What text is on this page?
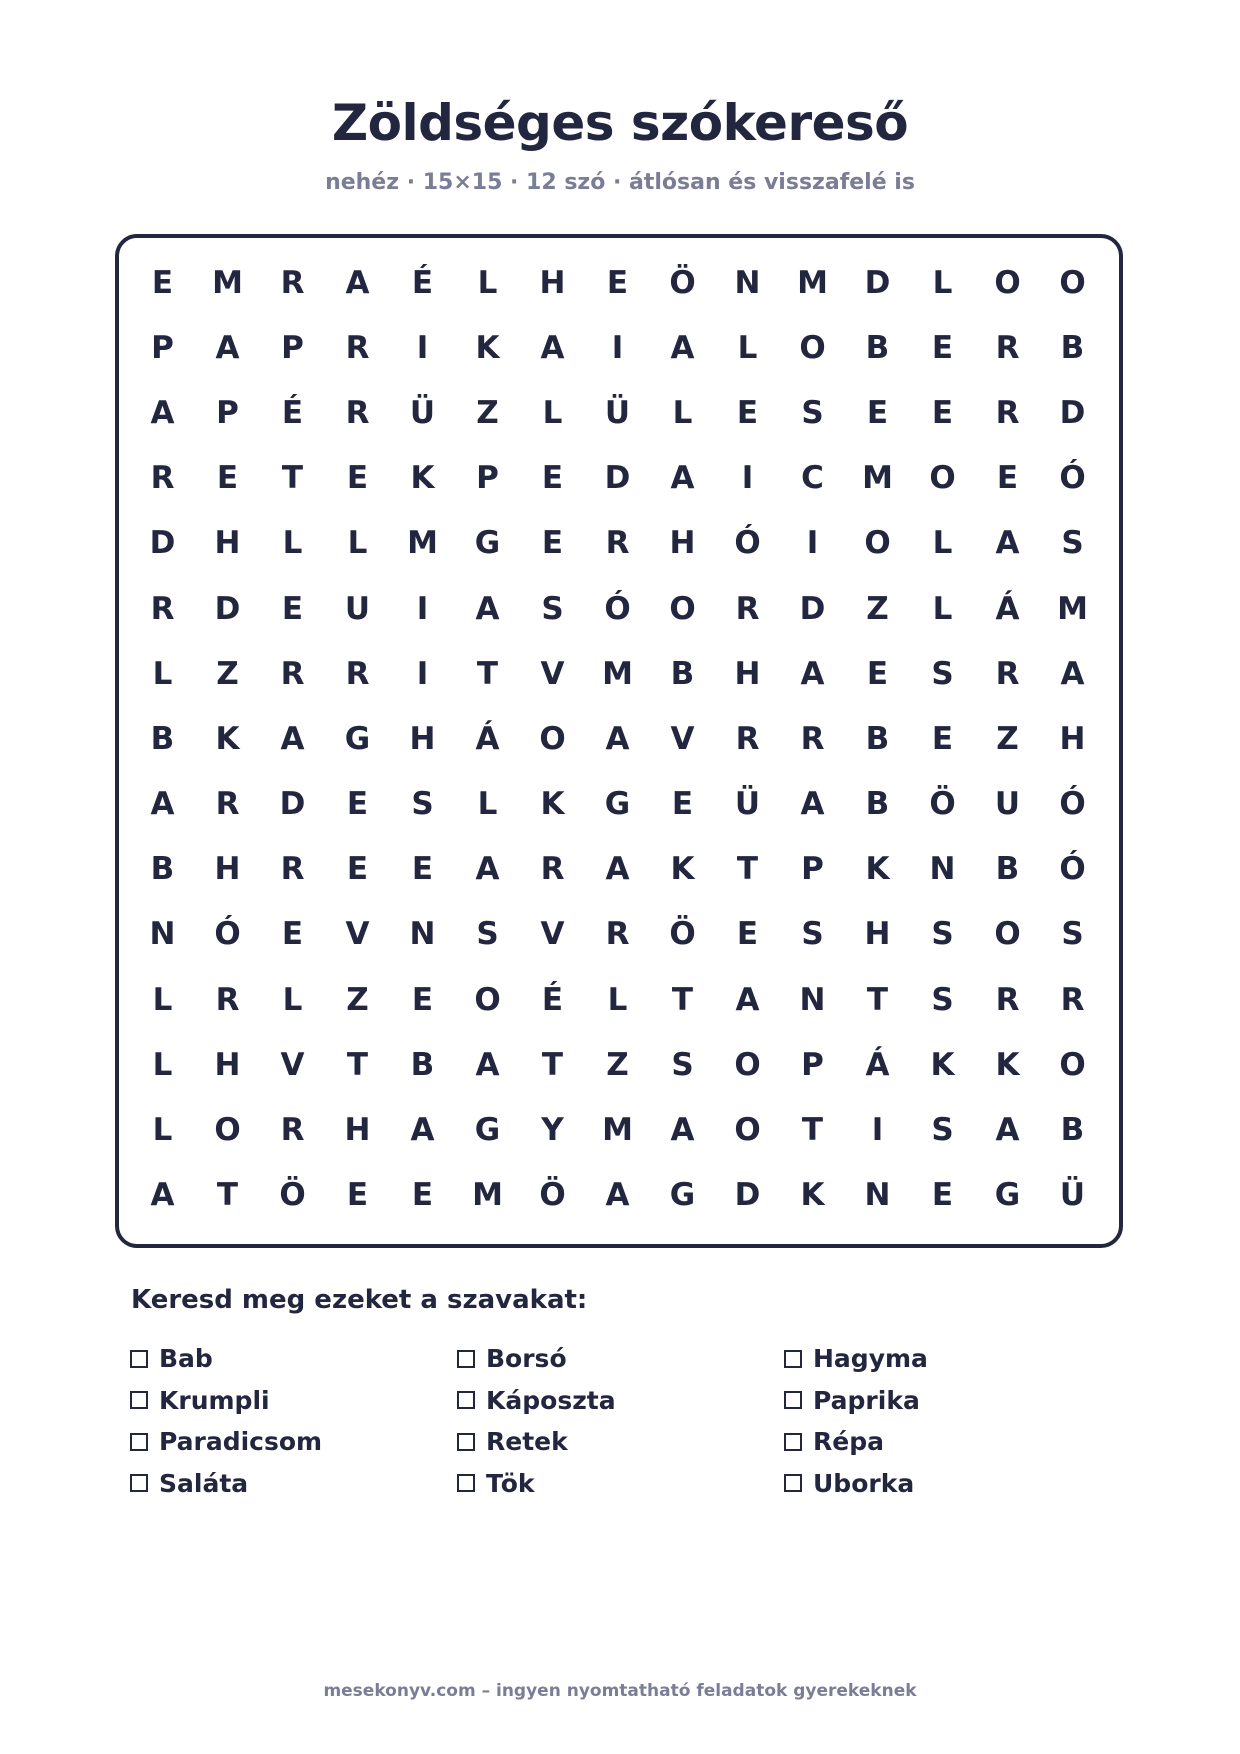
Zöldséges szókereső

nehéz · 15×15 · 12 szó · átlósan és visszafelé is

E	M	R	A	É	L	H	E	Ö	N	M	D	L	O	O
P	A	P	R	I	K	A	I	A	L	O	B	E	R	B
A	P	É	R	Ü	Z	L	Ü	L	E	S	E	E	R	D
R	E	T	E	K	P	E	D	A	I	C	M	O	E	Ó
D	H	L	L	M	G	E	R	H	Ó	I	O	L	A	S
R	D	E	U	I	A	S	Ó	O	R	D	Z	L	Á	M
L	Z	R	R	I	T	V	M	B	H	A	E	S	R	A
B	K	A	G	H	Á	O	A	V	R	R	B	E	Z	H
A	R	D	E	S	L	K	G	E	Ü	A	B	Ö	U	Ó
B	H	R	E	E	A	R	A	K	T	P	K	N	B	Ó
N	Ó	E	V	N	S	V	R	Ö	E	S	H	S	O	S
L	R	L	Z	E	O	É	L	T	A	N	T	S	R	R
L	H	V	T	B	A	T	Z	S	O	P	Á	K	K	O
L	O	R	H	A	G	Y	M	A	O	T	I	S	A	B
A	T	Ö	E	E	M	Ö	A	G	D	K	N	E	G	Ü
Keresd meg ezeket a szavakat:
Bab	Borsó	Hagyma
Krumpli	Káposzta	Paprika
Paradicsom	Retek	Répa
Saláta	Tök	Uborka

mesekonyv.com – ingyen nyomtatható feladatok gyerekeknek
